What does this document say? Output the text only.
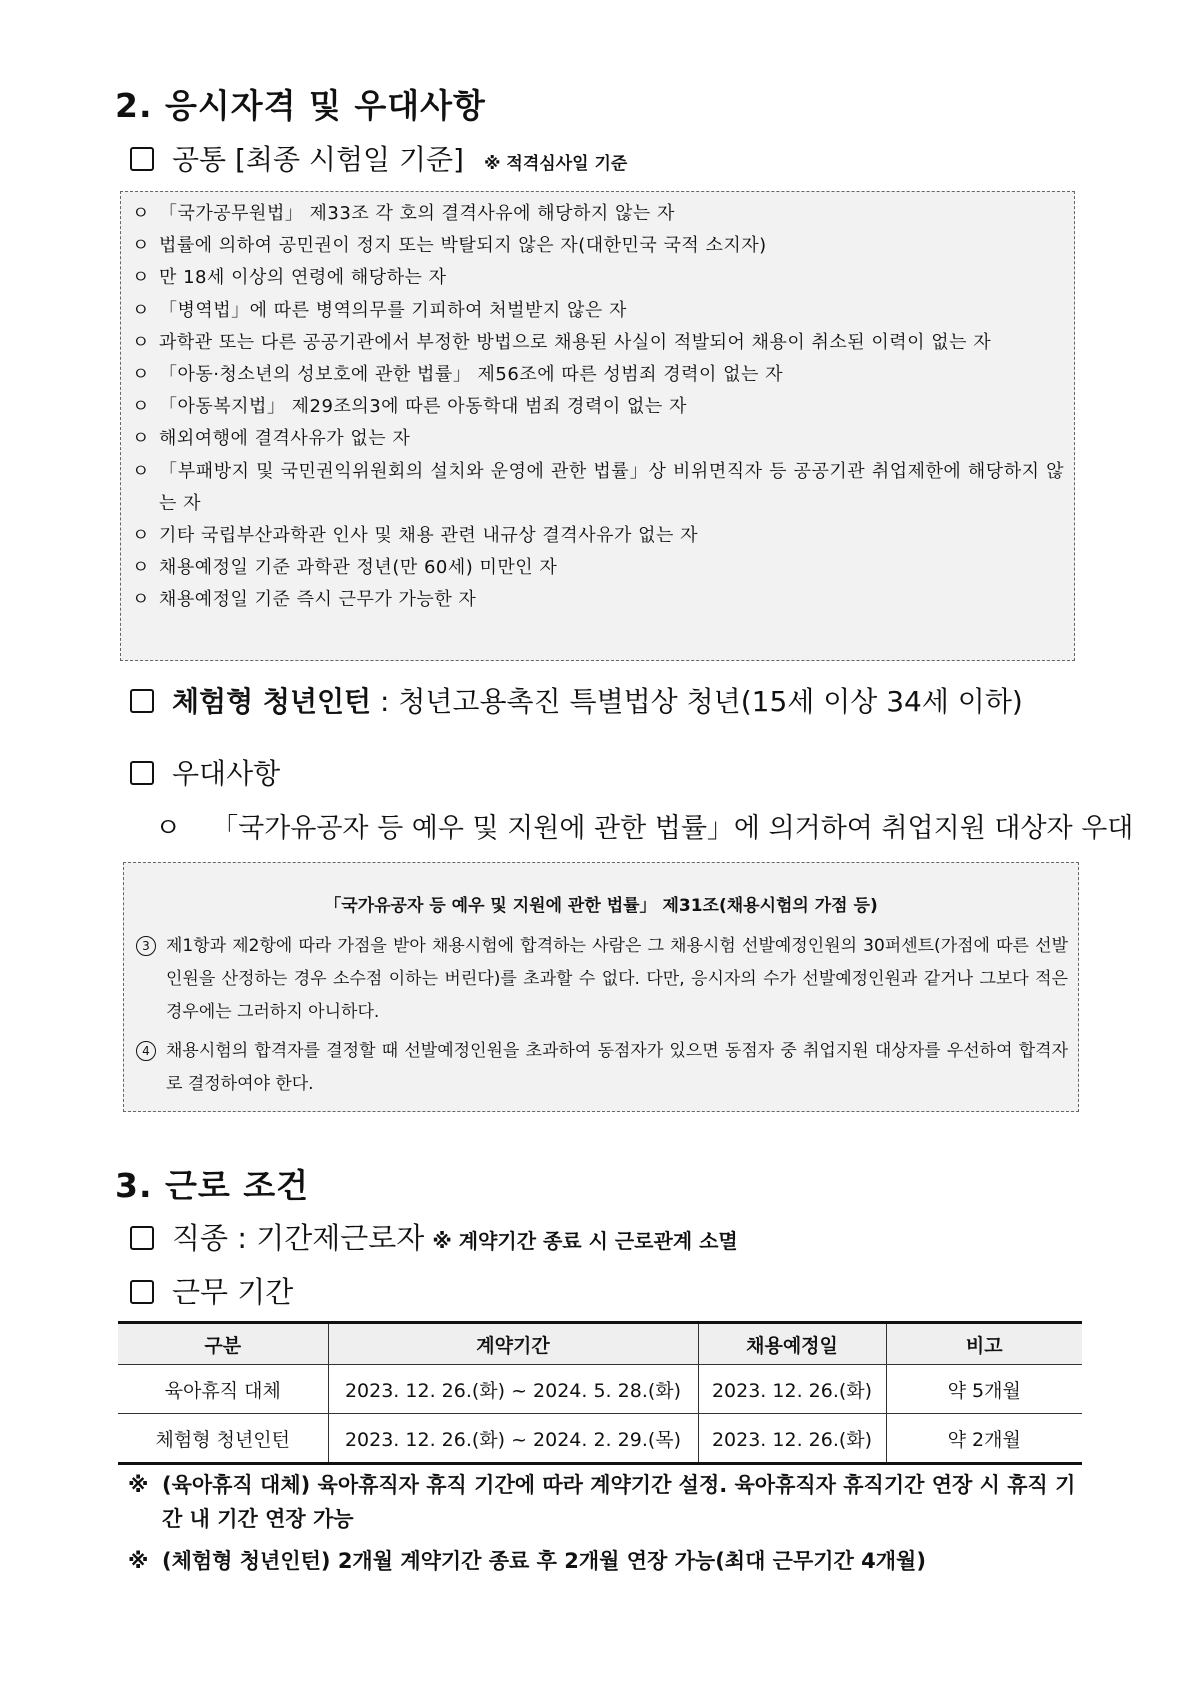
2. 응시자격 및 우대사항
공통 [최종 시험일 기준] ※ 적격심사일 기준
ㅇ 「국가공무원법」 제33조 각 호의 결격사유에 해당하지 않는 자
ㅇ 법률에 의하여 공민권이 정지 또는 박탈되지 않은 자(대한민국 국적 소지자)
ㅇ 만 18세 이상의 연령에 해당하는 자
ㅇ 「병역법」에 따른 병역의무를 기피하여 처벌받지 않은 자
ㅇ 과학관 또는 다른 공공기관에서 부정한 방법으로 채용된 사실이 적발되어 채용이 취소된 이력이 없는 자
ㅇ 「아동·청소년의 성보호에 관한 법률」 제56조에 따른 성범죄 경력이 없는 자
ㅇ 「아동복지법」 제29조의3에 따른 아동학대 범죄 경력이 없는 자
ㅇ 해외여행에 결격사유가 없는 자
ㅇ 「부패방지 및 국민권익위원회의 설치와 운영에 관한 법률」상 비위면직자 등 공공기관 취업제한에 해당하지 않는 자
ㅇ 기타 국립부산과학관 인사 및 채용 관련 내규상 결격사유가 없는 자
ㅇ 채용예정일 기준 과학관 정년(만 60세) 미만인 자
ㅇ 채용예정일 기준 즉시 근무가 가능한 자
체험형 청년인턴 : 청년고용촉진 특별법상 청년(15세 이상 34세 이하)
우대사항
ㅇ 「국가유공자 등 예우 및 지원에 관한 법률」에 의거하여 취업지원 대상자 우대
「국가유공자 등 예우 및 지원에 관한 법률」 제31조(채용시험의 가점 등)
3 제1항과 제2항에 따라 가점을 받아 채용시험에 합격하는 사람은 그 채용시험 선발예정인원의 30퍼센트(가점에 따른 선발 인원을 산정하는 경우 소수점 이하는 버린다)를 초과할 수 없다. 다만, 응시자의 수가 선발예정인원과 같거나 그보다 적은 경우에는 그러하지 아니하다.
4 채용시험의 합격자를 결정할 때 선발예정인원을 초과하여 동점자가 있으면 동점자 중 취업지원 대상자를 우선하여 합격자로 결정하여야 한다.
3. 근로 조건
직종 : 기간제근로자 ※ 계약기간 종료 시 근로관계 소멸
근무 기간
구분	계약기간	채용예정일	비고
육아휴직 대체	2023. 12. 26.(화) ~ 2024. 5. 28.(화)	2023. 12. 26.(화)	약 5개월
체험형 청년인턴	2023. 12. 26.(화) ~ 2024. 2. 29.(목)	2023. 12. 26.(화)	약 2개월
※ (육아휴직 대체) 육아휴직자 휴직 기간에 따라 계약기간 설정. 육아휴직자 휴직기간 연장 시 휴직 기간 내 기간 연장 가능
※ (체험형 청년인턴) 2개월 계약기간 종료 후 2개월 연장 가능(최대 근무기간 4개월)
